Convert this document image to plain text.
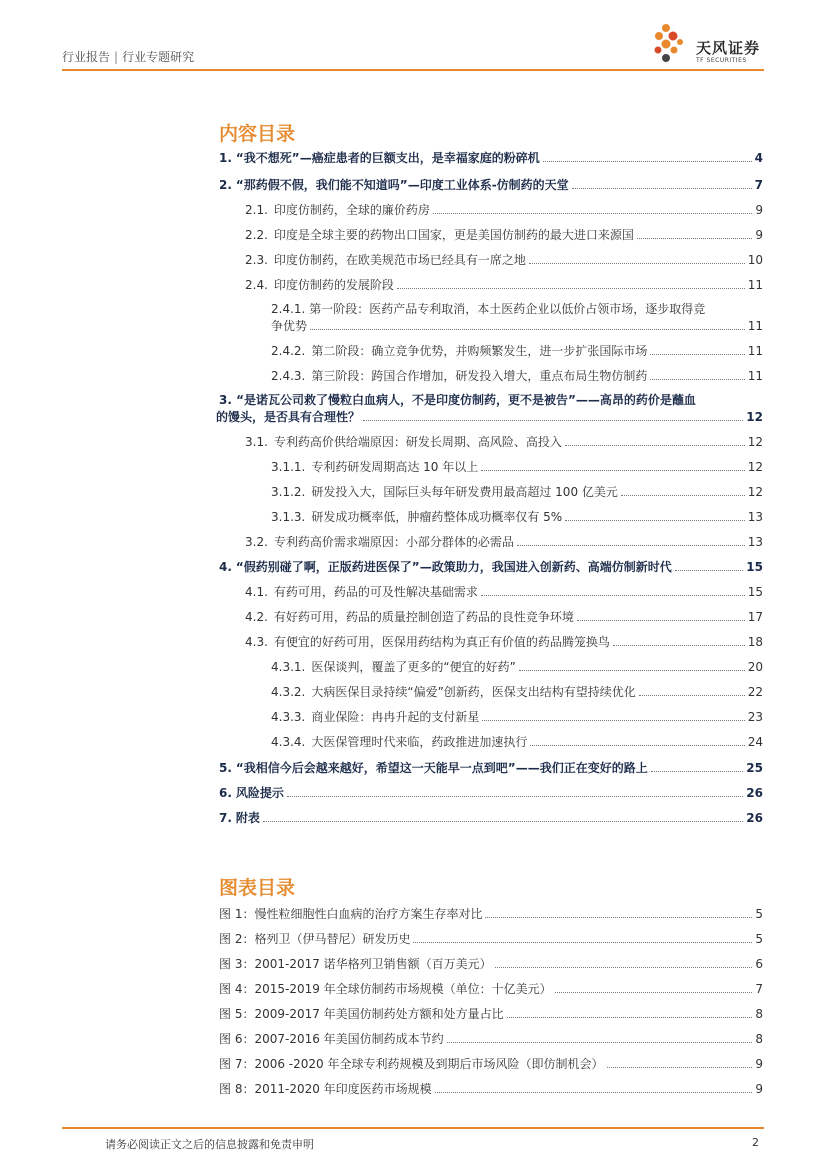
行业报告 | 行业专题研究	天风证券
TF SECURITIES
内容目录
1. “我不想死”—癌症患者的巨额支出，是幸福家庭的粉碎机	4
2. “那药假不假，我们能不知道吗”—印度工业体系-仿制药的天堂	7
2.1. 印度仿制药，全球的廉价药房	9
2.2. 印度是全球主要的药物出口国家，更是美国仿制药的最大进口来源国	9
2.3. 印度仿制药，在欧美规范市场已经具有一席之地	10
2.4. 印度仿制药的发展阶段	11
2.4.1. 第一阶段：医药产品专利取消，本土医药企业以低价占领市场，逐步取得竞
争优势	11
2.4.2. 第二阶段：确立竞争优势，并购频繁发生，进一步扩张国际市场	11
2.4.3. 第三阶段：跨国合作增加，研发投入增大，重点布局生物仿制药	11
3. “是诺瓦公司救了慢粒白血病人，不是印度仿制药，更不是被告”——高昂的药价是蘸血
的馒头，是否具有合理性？	12
3.1. 专利药高价供给端原因：研发长周期、高风险、高投入	12
3.1.1. 专利药研发周期高达 10 年以上	12
3.1.2. 研发投入大，国际巨头每年研发费用最高超过 100 亿美元	12
3.1.3. 研发成功概率低，肿瘤药整体成功概率仅有 5%	13
3.2. 专利药高价需求端原因：小部分群体的必需品	13
4. “假药别碰了啊，正版药进医保了”—政策助力，我国进入创新药、高端仿制新时代	15
4.1. 有药可用，药品的可及性解决基础需求	15
4.2. 有好药可用，药品的质量控制创造了药品的良性竞争环境	17
4.3. 有便宜的好药可用，医保用药结构为真正有价值的药品腾笼换鸟	18
4.3.1. 医保谈判，覆盖了更多的“便宜的好药”	20
4.3.2. 大病医保目录持续“偏爱”创新药，医保支出结构有望持续优化	22
4.3.3. 商业保险：冉冉升起的支付新星	23
4.3.4. 大医保管理时代来临，药政推进加速执行	24
5. “我相信今后会越来越好，希望这一天能早一点到吧”——我们正在变好的路上	25
6. 风险提示	26
7. 附表	26
图表目录
图 1： 慢性粒细胞性白血病的治疗方案生存率对比	5
图 2： 格列卫（伊马替尼）研发历史	5
图 3： 2001-2017 诺华格列卫销售额（百万美元）	6
图 4： 2015-2019 年全球仿制药市场规模（单位：十亿美元）	7
图 5： 2009-2017 年美国仿制药处方额和处方量占比	8
图 6： 2007-2016 年美国仿制药成本节约	8
图 7： 2006 -2020 年全球专利药规模及到期后市场风险（即仿制机会）	9
图 8： 2011-2020 年印度医药市场规模	9
请务必阅读正文之后的信息披露和免责申明	2
